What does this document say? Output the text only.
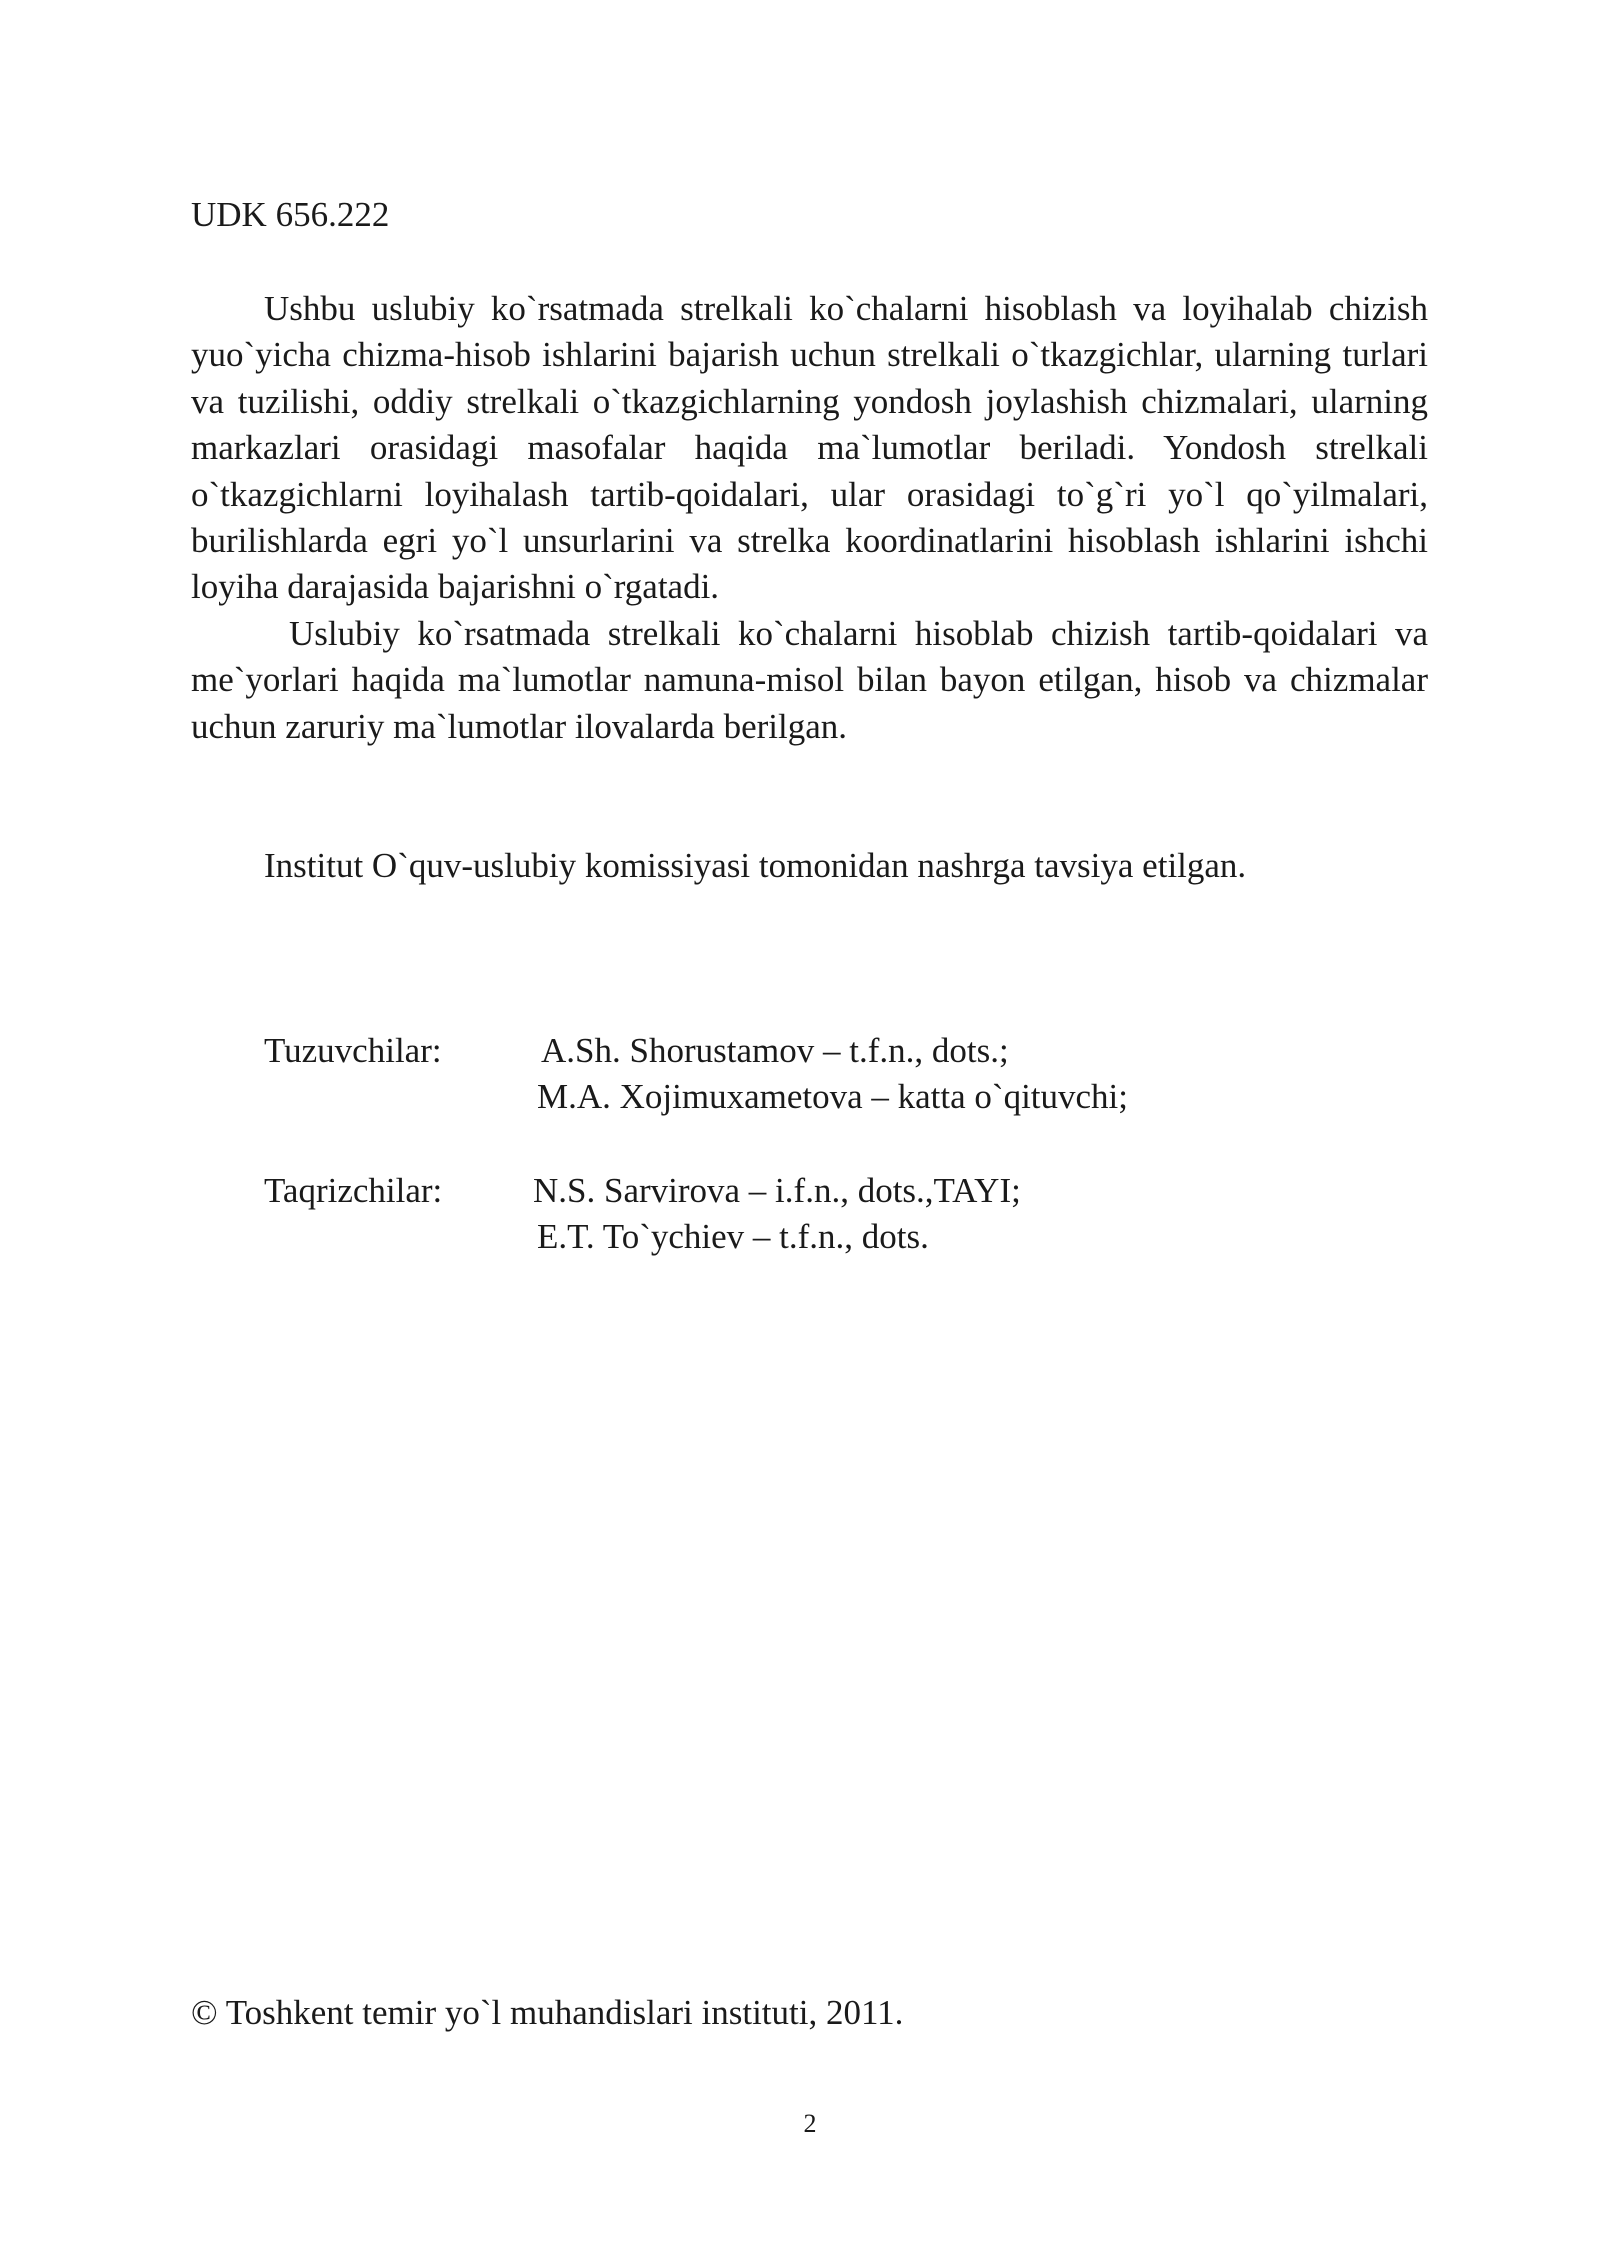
UDK 656.222

Ushbu uslubiy ko`rsatmada strelkali ko`chalarni hisoblash va loyihalab chizish yuo`yicha chizma-hisob ishlarini bajarish uchun strelkali o`tkazgichlar, ularning turlari va tuzilishi, oddiy strelkali o`tkazgichlarning yondosh joylashish chizmalari, ularning markazlari orasidagi masofalar haqida ma`lumotlar beriladi. Yondosh strelkali o`tkazgichlarni loyihalash tartib-qoidalari, ular orasidagi to`g`ri yo`l qo`yilmalari, burilishlarda egri yo`l unsurlarini va strelka koordinatlarini hisoblash ishlarini ishchi loyiha darajasida bajarishni o`rgatadi.

Uslubiy ko`rsatmada strelkali ko`chalarni hisoblab chizish tartib-qoidalari va me`yorlari haqida ma`lumotlar namuna-misol bilan bayon etilgan, hisob va chizmalar uchun zaruriy ma`lumotlar ilovalarda berilgan.

Institut O`quv-uslubiy komissiyasi tomonidan nashrga tavsiya etilgan.
Tuzuvchilar:	A.Sh. Shorustamov – t.f.n., dots.;
M.A. Xojimuxametova – katta o`qituvchi;
Taqrizchilar:	N.S. Sarvirova – i.f.n., dots.,TAYI;
E.T. To`ychiev – t.f.n., dots.
© Toshkent temir yo`l muhandislari instituti, 2011.
2
